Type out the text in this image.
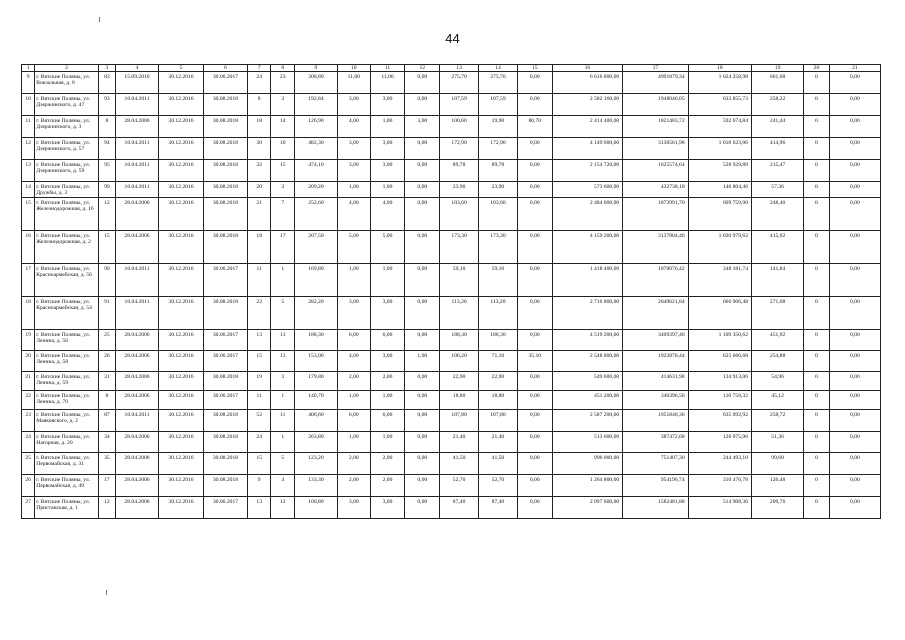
44
1	2	3	4	5	6	7	8	9	10	11	12	13	14	15	16	17	18	19	20	21
9	г. Вятские Поляны, ул. Вокзальная, д. 8	83	15.09.2010	30.12.2016	30.06.2017	24	23	308,80	11,00	11,00	0,00	275,70	275,70	0,00	6 616 800,00	4991879,34	1 624 258,98	661,68	0	0,00
10	г. Вятские Поляны, ул. Дзержинского, д. 47	93	10.04.2011	30.12.2016	30.08.2018	8	3	192,84	3,00	3,00	0,00	107,59	107,59	0,00	2 582 160,00	1948046,05	633 855,73	258,22	0	0,00
11	г. Вятские Поляны, ул. Дзержинского, д. 3	8	28.04.2006	30.12.2016	30.08.2018	18	14	126,90	4,00	1,00	3,00	100,60	19,90	80,70	2 414 400,00	1821483,72	592 674,84	241,44	0	0,00
12	г. Вятские Поляны, ул. Дзержинского, д. 57	94	10.04.2011	30.12.2016	30.08.2018	30	10	482,30	3,00	3,00	0,00	172,90	172,90	0,00	4 149 600,00	3130561,98	1 018 623,06	414,96	0	0,00
13	г. Вятские Поляны, ул. Дзержинского, д. 59	95	10.04.2011	30.12.2016	30.08.2018	32	15	474,10	3,00	3,00	0,00	89,78	89,78	0,00	2 154 720,00	1625574,64	528 929,89	215,47	0	0,00
14	г. Вятские Поляны, ул. Дружбы, д. 3	99	10.04.2011	30.12.2016	30.08.2018	20	3	209,20	1,00	1,00	0,00	23,90	23,90	0,00	573 600,00	432738,18	140 804,46	57,36	0	0,00
15	г. Вятские Поляны, ул. Железнодорожная, д. 16	12	28.04.2006	30.12.2016	30.08.2018	21	7	252,60	4,00	4,00	0,00	103,60	103,60	0,00	2 484 000,00	1873991,70	609 759,90	248,40	0	0,00
16	г. Вятские Поляны, ул. Железнодорожная, д. 2	15	28.04.2006	30.12.2016	30.08.2018	18	17	207,50	5,00	5,00	0,00	173,30	173,30	0,00	4 159 200,00	3137804,46	1 020 979,62	415,92	0	0,00
17	г. Вятские Поляны, ул. Красноармейская, д. 56	90	10.04.2011	30.12.2016	30.06.2017	11	1	169,80	1,00	1,00	0,00	59,10	59,10	0,00	1 418 400,00	1070076,42	348 181,74	141,84	0	0,00
18	г. Вятские Поляны, ул. Красноармейская, д. 54	91	10.04.2011	30.12.2016	30.08.2018	22	5	282,20	3,00	3,00	0,00	113,20	113,20	0,00	2 716 800,00	2049621,84	666 906,48	271,68	0	0,00
19	г. Вятские Поляны, ул. Ленина, д. 56	25	28.04.2006	30.12.2016	30.06.2017	13	13	188,30	6,00	6,00	0,00	188,30	188,30	0,00	4 519 200,00	3409397,46	1 109 350,62	451,92	0	0,00
20	г. Вятские Поляны, ул. Ленина, д. 58	26	28.04.2006	30.12.2016	30.06.2017	15	13	153,00	4,00	3,00	1,00	106,20	71,10	35,10	2 548 800,00	1922878,44	625 666,68	254,88	0	0,00
21	г. Вятские Поляны, ул. Ленина, д. 59	31	28.04.2006	30.12.2016	30.08.2018	19	3	179,80	2,00	2,00	0,00	22,90	22,90	0,00	549 600,00	414631,98	134 913,06	54,96	0	0,00
22	г. Вятские Поляны, ул. Ленина, д. 70	8	28.04.2006	30.12.2016	30.06.2017	11	1	140,70	1,00	1,00	0,00	18,80	18,80	0,00	451 200,00	340396,56	110 758,32	45,12	0	0,00
23	г. Вятские Поляны, ул. Маяковского, д. 2	87	10.04.2011	30.12.2016	30.08.2018	52	11	406,60	6,00	6,00	0,00	107,80	107,80	0,00	2 587 200,00	1951848,36	635 092,92	258,72	0	0,00
24	г. Вятские Поляны, ул. Нагорная, д. 20	34	28.04.2006	30.12.2016	30.08.2018	24	1	263,80	1,00	1,00	0,00	21,40	21,40	0,00	513 600,00	387472,68	126 075,96	51,36	0	0,00
25	г. Вятские Поляны, ул. Первомайская, д. 31	35	28.04.2006	30.12.2016	30.08.2018	15	5	123,20	2,00	2,00	0,00	41,50	41,50	0,00	996 000,00	751407,30	244 493,10	99,60	0	0,00
26	г. Вятские Поляны, ул. Первомайская, д. 49	17	28.04.2006	30.12.2016	30.08.2018	9	4	133,30	2,00	2,00	0,00	52,70	52,70	0,00	1 264 800,00	954196,74	310 476,78	126,48	0	0,00
27	г. Вятские Поляны, ул. Пристанская, д. 1	12	28.04.2006	30.12.2016	30.06.2017	13	12	100,80	3,00	3,00	0,00	87,40	87,40	0,00	2 097 600,00	1582481,88	514 908,36	209,76	0	0,00
